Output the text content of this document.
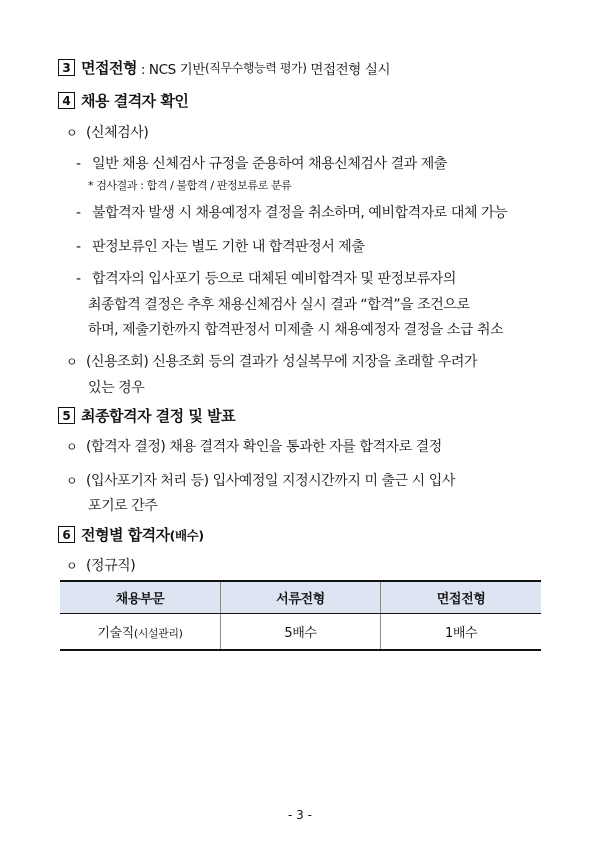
3 면접전형 : NCS 기반 (직무수행능력 평가) 면접전형 실시
4 채용 결격자 확인
ㅇ (신체검사)
- 일반 채용 신체검사 규정을 준용하여 채용신체검사 결과 제출
* 검사결과 : 합격 / 불합격 / 판정보류로 분류
- 불합격자 발생 시 채용예정자 결정을 취소하며, 예비합격자로 대체 가능
- 판정보류인 자는 별도 기한 내 합격판정서 제출
- 합격자의 입사포기 등으로 대체된 예비합격자 및 판정보류자의
최종합격 결정은 추후 채용신체검사 실시 결과 “합격”을 조건으로
하며, 제출기한까지 합격판정서 미제출 시 채용예정자 결정을 소급 취소
ㅇ (신용조회) 신용조회 등의 결과가 성실복무에 지장을 초래할 우려가
있는 경우
5 최종합격자 결정 및 발표
ㅇ (합격자 결정) 채용 결격자 확인을 통과한 자를 합격자로 결정
ㅇ (입사포기자 처리 등) 입사예정일 지정시간까지 미 출근 시 입사
포기로 간주
6 전형별 합격자 (배수)
ㅇ (정규직)
채용부문	서류전형	면접전형
기술직(시설관리)	5배수	1배수
- 3 -
